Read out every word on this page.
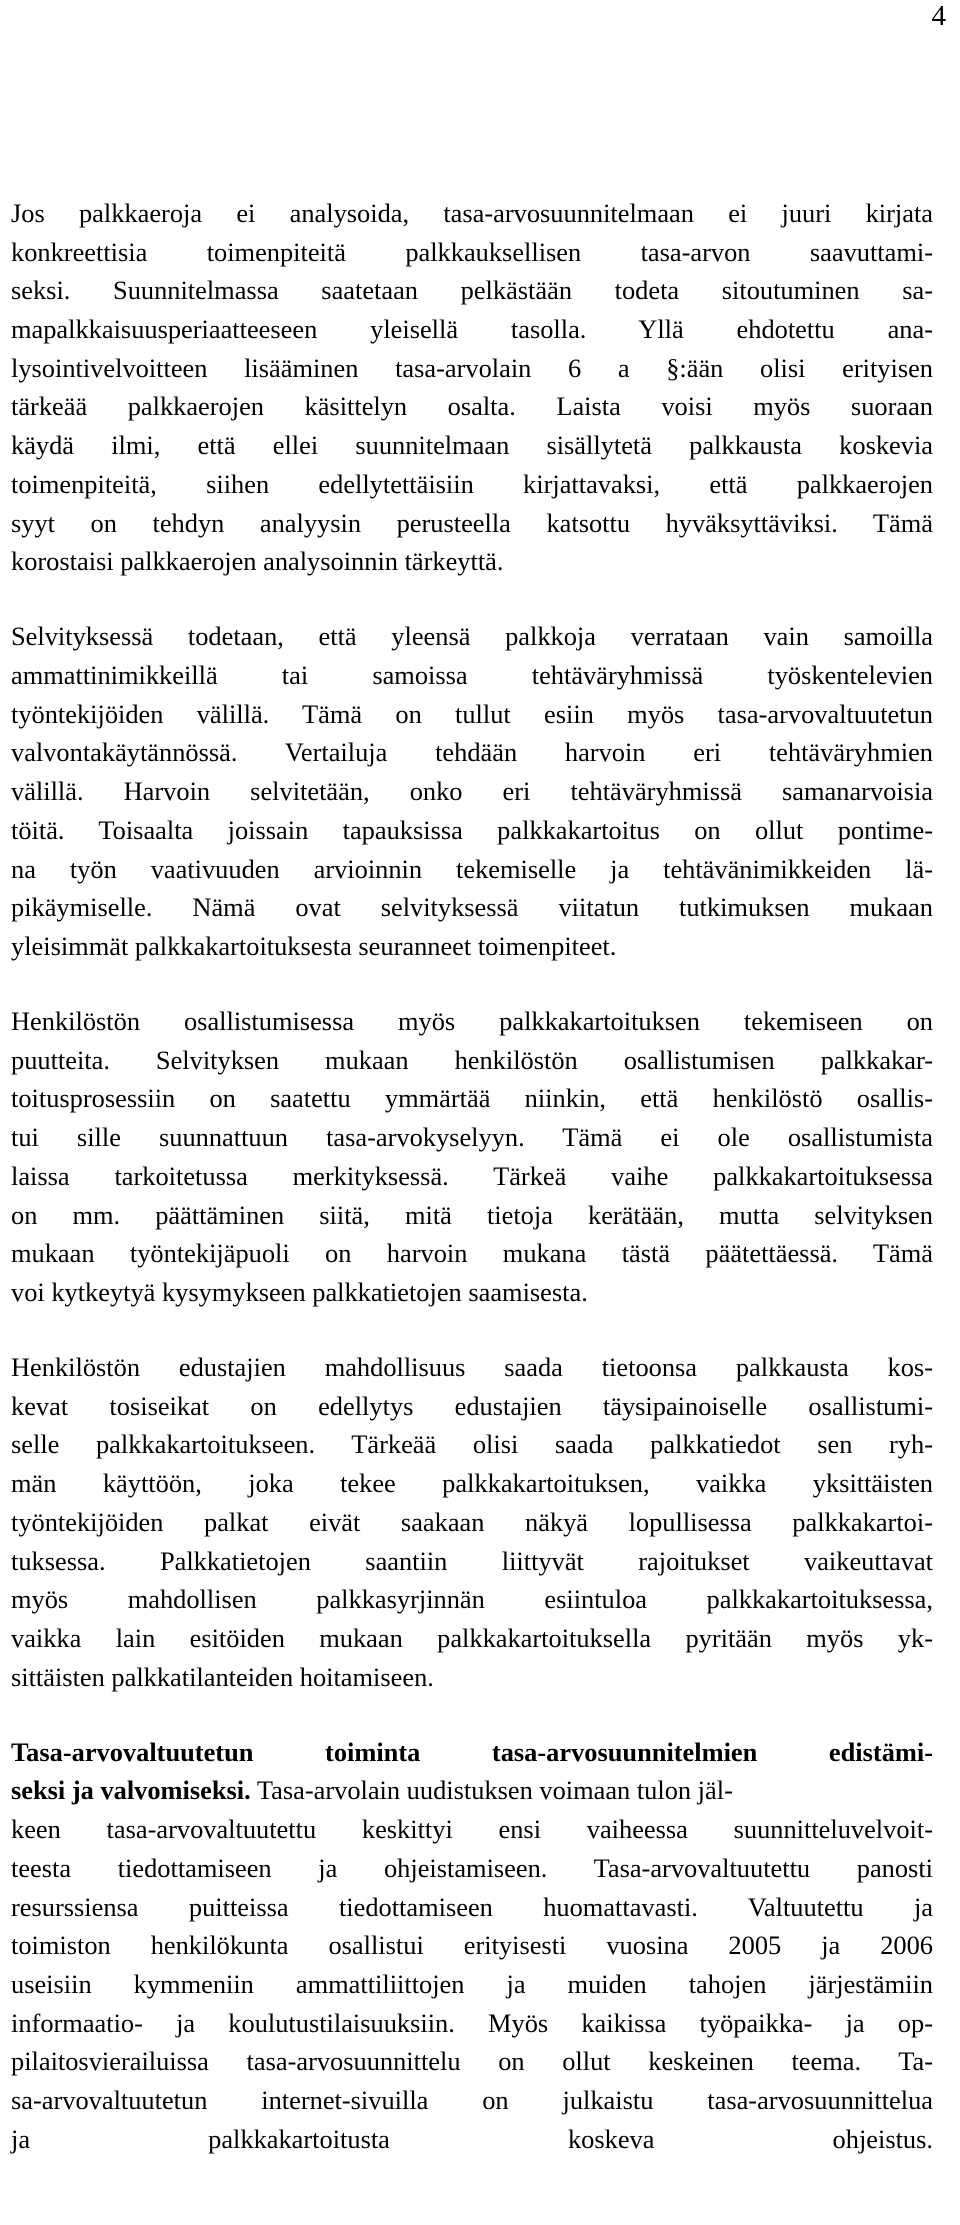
4
Jos palkkaeroja ei analysoida, tasa-arvosuunnitelmaan ei juuri kirjata
konkreettisia toimenpiteitä palkkauksellisen tasa-arvon saavuttami-
seksi. Suunnitelmassa saatetaan pelkästään todeta sitoutuminen sa-
mapalkkaisuusperiaatteeseen yleisellä tasolla. Yllä ehdotettu ana-
lysointivelvoitteen lisääminen tasa-arvolain 6 a §:ään olisi erityisen
tärkeää palkkaerojen käsittelyn osalta. Laista voisi myös suoraan
käydä ilmi, että ellei suunnitelmaan sisällytetä palkkausta koskevia
toimenpiteitä, siihen edellytettäisiin kirjattavaksi, että palkkaerojen
syyt on tehdyn analyysin perusteella katsottu hyväksyttäviksi. Tämä
korostaisi palkkaerojen analysoinnin tärkeyttä.
Selvityksessä todetaan, että yleensä palkkoja verrataan vain samoilla
ammattinimikkeillä tai samoissa tehtäväryhmissä työskentelevien
työntekijöiden välillä. Tämä on tullut esiin myös tasa-arvovaltuutetun
valvontakäytännössä. Vertailuja tehdään harvoin eri tehtäväryhmien
välillä. Harvoin selvitetään, onko eri tehtäväryhmissä samanarvoisia
töitä. Toisaalta joissain tapauksissa palkkakartoitus on ollut pontime-
na työn vaativuuden arvioinnin tekemiselle ja tehtävänimikkeiden lä-
pikäymiselle. Nämä ovat selvityksessä viitatun tutkimuksen mukaan
yleisimmät palkkakartoituksesta seuranneet toimenpiteet.
Henkilöstön osallistumisessa myös palkkakartoituksen tekemiseen on
puutteita. Selvityksen mukaan henkilöstön osallistumisen palkkakar-
toitusprosessiin on saatettu ymmärtää niinkin, että henkilöstö osallis-
tui sille suunnattuun tasa-arvokyselyyn. Tämä ei ole osallistumista
laissa tarkoitetussa merkityksessä. Tärkeä vaihe palkkakartoituksessa
on mm. päättäminen siitä, mitä tietoja kerätään, mutta selvityksen
mukaan työntekijäpuoli on harvoin mukana tästä päätettäessä. Tämä
voi kytkeytyä kysymykseen palkkatietojen saamisesta.
Henkilöstön edustajien mahdollisuus saada tietoonsa palkkausta kos-
kevat tosiseikat on edellytys edustajien täysipainoiselle osallistumi-
selle palkkakartoitukseen. Tärkeää olisi saada palkkatiedot sen ryh-
män käyttöön, joka tekee palkkakartoituksen, vaikka yksittäisten
työntekijöiden palkat eivät saakaan näkyä lopullisessa palkkakartoi-
tuksessa. Palkkatietojen saantiin liittyvät rajoitukset vaikeuttavat
myös mahdollisen palkkasyrjinnän esiintuloa palkkakartoituksessa,
vaikka lain esitöiden mukaan palkkakartoituksella pyritään myös yk-
sittäisten palkkatilanteiden hoitamiseen.
Tasa-arvovaltuutetun toiminta tasa-arvosuunnitelmien edistämi-
seksi ja valvomiseksi. Tasa-arvolain uudistuksen voimaan tulon jäl-
keen tasa-arvovaltuutettu keskittyi ensi vaiheessa suunnitteluvelvoit-
teesta tiedottamiseen ja ohjeistamiseen. Tasa-arvovaltuutettu panosti
resurssiensa puitteissa tiedottamiseen huomattavasti. Valtuutettu ja
toimiston henkilökunta osallistui erityisesti vuosina 2005 ja 2006
useisiin kymmeniin ammattiliittojen ja muiden tahojen järjestämiin
informaatio- ja koulutustilaisuuksiin. Myös kaikissa työpaikka- ja op-
pilaitosvierailuissa tasa-arvosuunnittelu on ollut keskeinen teema. Ta-
sa-arvovaltuutetun internet-sivuilla on julkaistu tasa-arvosuunnittelua
ja palkkakartoitusta koskeva ohjeistus.
